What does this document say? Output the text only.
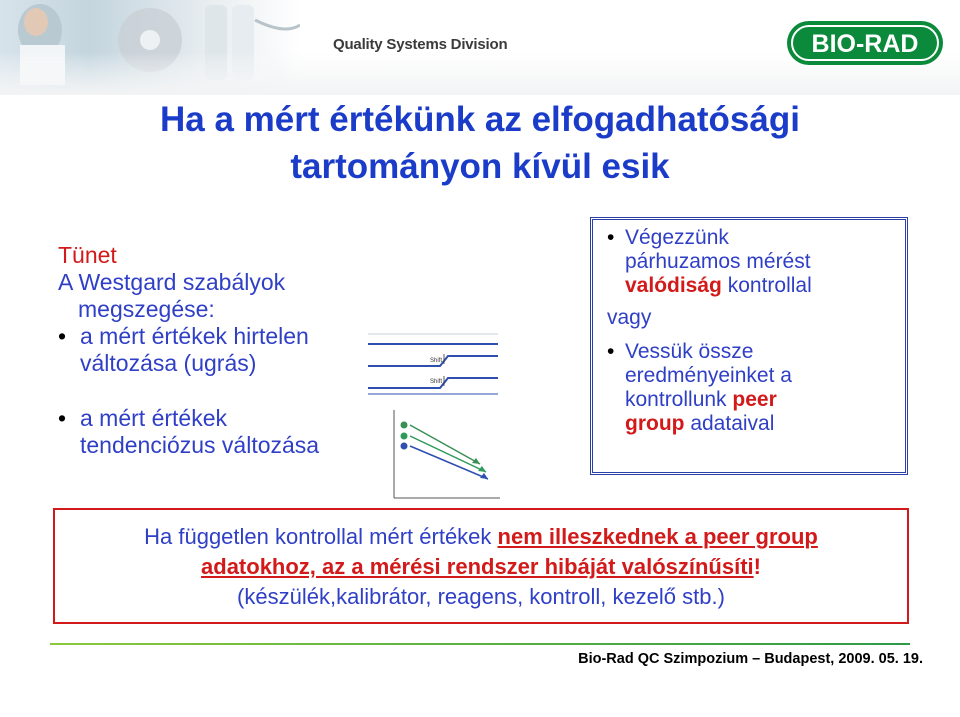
Quality Systems Division	BIO-RAD
Ha a mért értékünk az elfogadhatósági
tartományon kívül esik
Tünet
A Westgard szabályok
megszegése:
• a mért értékek hirtelen
változása (ugrás)
• a mért értékek
tendenciózus változása
Shift
Shift
• Végezzünk
párhuzamos mérést
valódiság kontrollal
vagy
• Vessük össze
eredményeinket a
kontrollunk peer
group adataival
Ha független kontrollal mért értékek nem illeszkednek a peer group
adatokhoz, az a mérési rendszer hibáját valószínűsíti!
(készülék,kalibrátor, reagens, kontroll, kezelő stb.)
Bio-Rad QC Szimpozium – Budapest, 2009. 05. 19.
